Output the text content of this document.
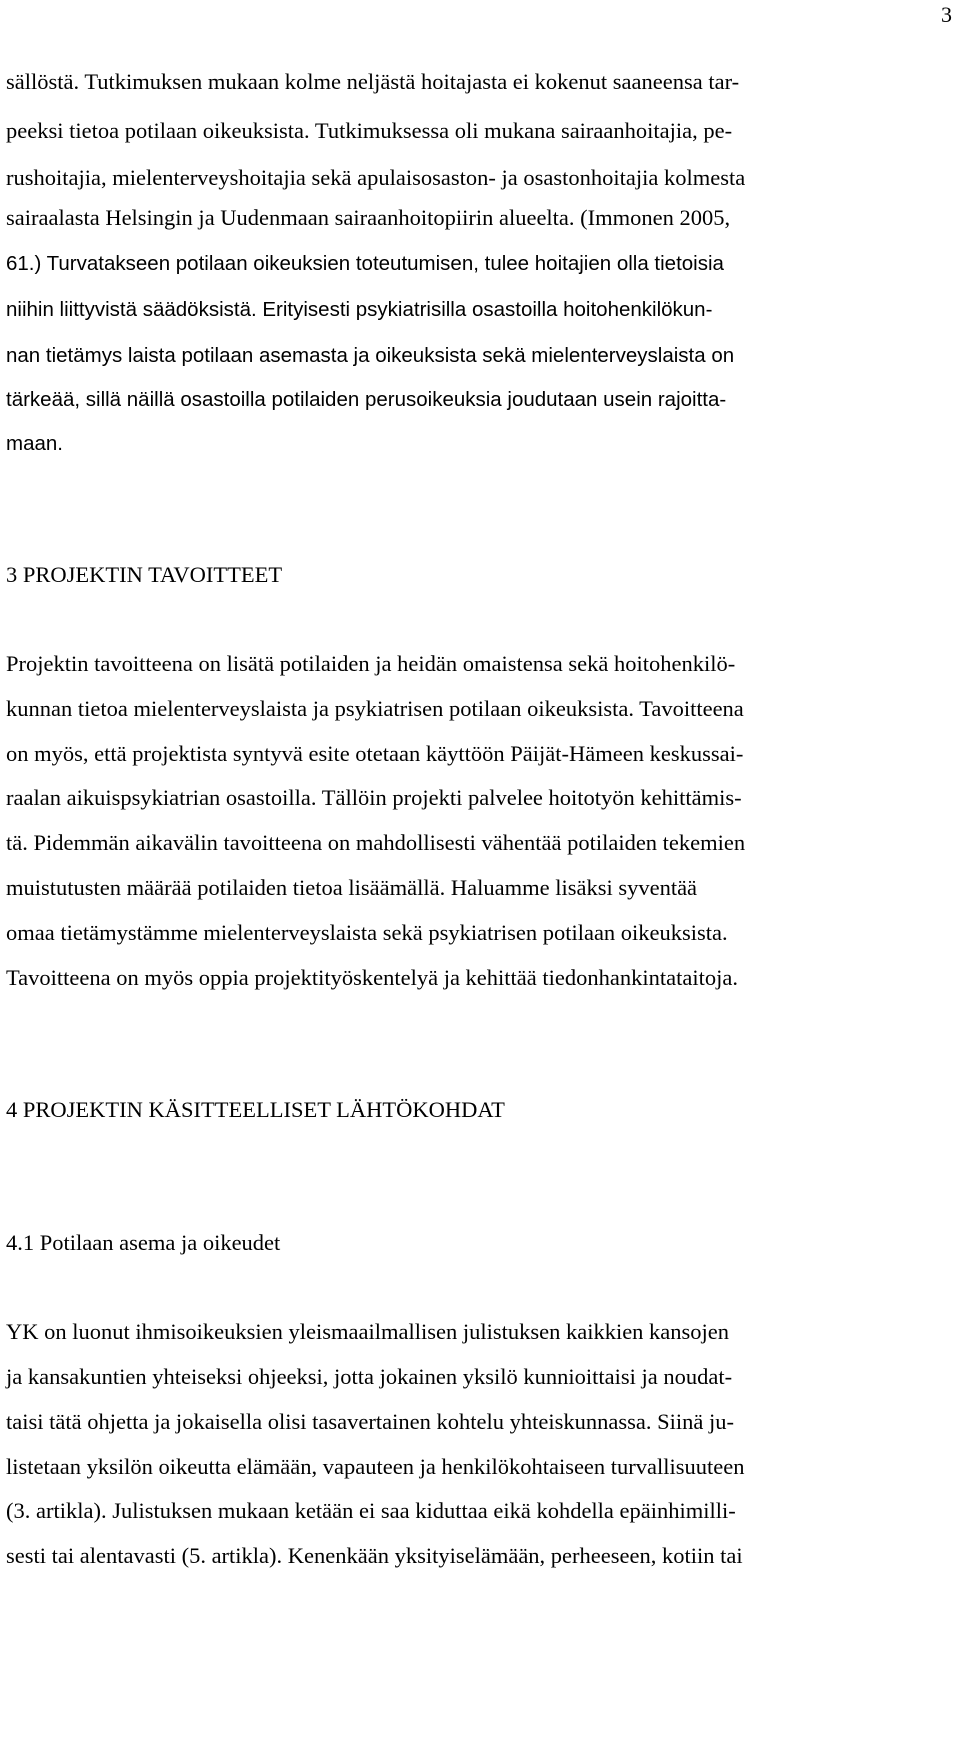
3

sällöstä. Tutkimuksen mukaan kolme neljästä hoitajasta ei kokenut saaneensa tar-

peeksi tietoa potilaan oikeuksista. Tutkimuksessa oli mukana sairaanhoitajia, pe-

rushoitajia, mielenterveyshoitajia sekä apulaisosaston- ja osastonhoitajia kolmesta

sairaalasta Helsingin ja Uudenmaan sairaanhoitopiirin alueelta. (Immonen 2005,

61.) Turvatakseen potilaan oikeuksien toteutumisen, tulee hoitajien olla tietoisia

niihin liittyvistä säädöksistä. Erityisesti psykiatrisilla osastoilla hoitohenkilökun-

nan tietämys laista potilaan asemasta ja oikeuksista sekä mielenterveyslaista on

tärkeää, sillä näillä osastoilla potilaiden perusoikeuksia joudutaan usein rajoitta-

maan.

3 PROJEKTIN TAVOITTEET

Projektin tavoitteena on lisätä potilaiden ja heidän omaistensa sekä hoitohenkilö-

kunnan tietoa mielenterveyslaista ja psykiatrisen potilaan oikeuksista. Tavoitteena

on myös, että projektista syntyvä esite otetaan käyttöön Päijät-Hämeen keskussai-

raalan aikuispsykiatrian osastoilla. Tällöin projekti palvelee hoitotyön kehittämis-

tä. Pidemmän aikavälin tavoitteena on mahdollisesti vähentää potilaiden tekemien

muistutusten määrää potilaiden tietoa lisäämällä. Haluamme lisäksi syventää

omaa tietämystämme mielenterveyslaista sekä psykiatrisen potilaan oikeuksista.

Tavoitteena on myös oppia projektityöskentelyä ja kehittää tiedonhankintataitoja.

4 PROJEKTIN KÄSITTEELLISET LÄHTÖKOHDAT

4.1 Potilaan asema ja oikeudet

YK on luonut ihmisoikeuksien yleismaailmallisen julistuksen kaikkien kansojen

ja kansakuntien yhteiseksi ohjeeksi, jotta jokainen yksilö kunnioittaisi ja noudat-

taisi tätä ohjetta ja jokaisella olisi tasavertainen kohtelu yhteiskunnassa. Siinä ju-

listetaan yksilön oikeutta elämään, vapauteen ja henkilökohtaiseen turvallisuuteen

(3. artikla). Julistuksen mukaan ketään ei saa kiduttaa eikä kohdella epäinhimilli-

sesti tai alentavasti (5. artikla). Kenenkään yksityiselämään, perheeseen, kotiin tai
